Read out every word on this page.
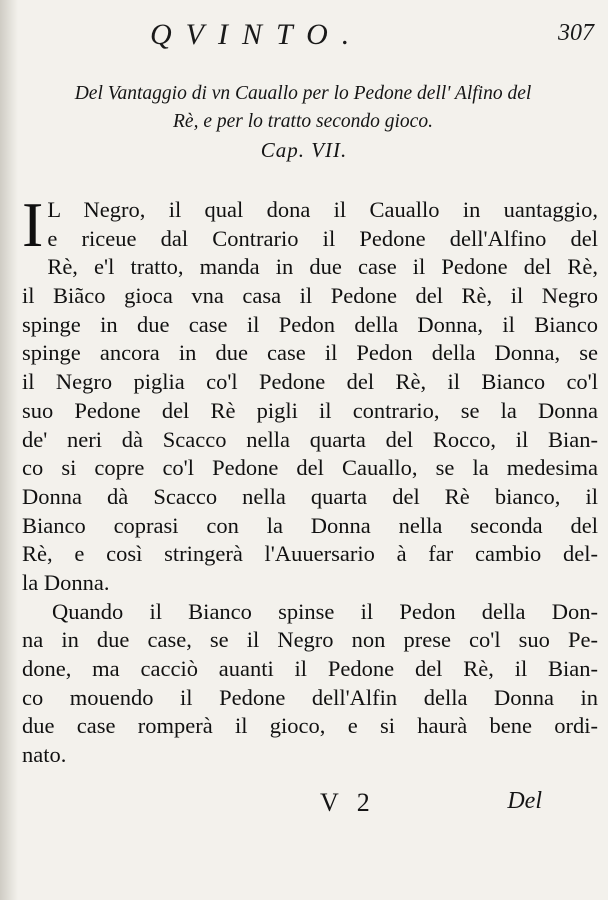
QVINTO.	307
Del Vantaggio di vn Cauallo per lo Pedone dell' Alfino del
Rè, e per lo tratto secondo gioco.
Cap. VII.
I L Negro, il qual dona il Cauallo in uantaggio,
e riceue dal Contrario il Pedone dell'Alfino del
Rè, e'l tratto, manda in due case il Pedone del Rè,
il Biãco gioca vna casa il Pedone del Rè, il Negro
spinge in due case il Pedon della Donna, il Bianco
spinge ancora in due case il Pedon della Donna, se
il Negro piglia co'l Pedone del Rè, il Bianco co'l
suo Pedone del Rè pigli il contrario, se la Donna
de' neri dà Scacco nella quarta del Rocco, il Bian-
co si copre co'l Pedone del Cauallo, se la medesima
Donna dà Scacco nella quarta del Rè bianco, il
Bianco coprasi con la Donna nella seconda del
Rè, e così stringerà l'Auuersario à far cambio del-
la Donna.
Quando il Bianco spinse il Pedon della Don-
na in due case, se il Negro non prese co'l suo Pe-
done, ma cacciò auanti il Pedone del Rè, il Bian-
co mouendo il Pedone dell'Alfin della Donna in
due case romperà il gioco, e si haurà bene ordi-
nato.
V 2	Del
